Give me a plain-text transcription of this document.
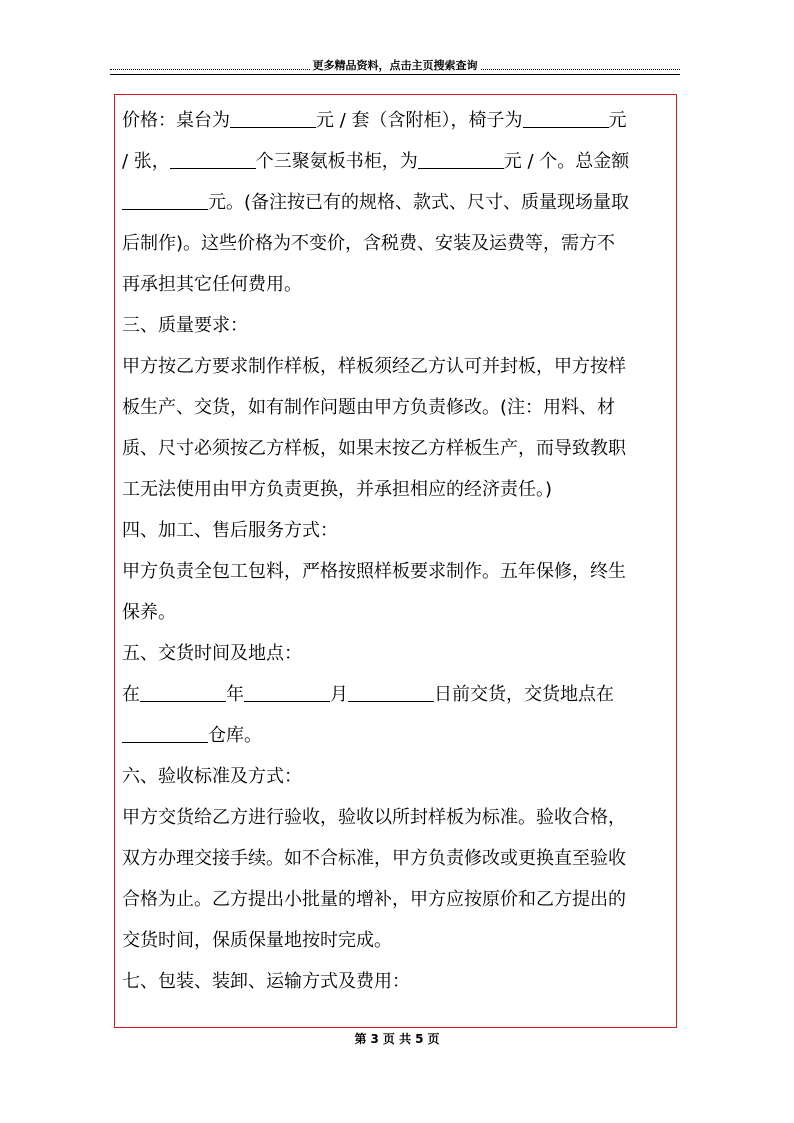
更多精品资料，点击主页搜索查询
价格：桌台为	元 / 套（含附柜），椅子为	元
/ 张，	个三聚氨板书柜，为	元 / 个。总金额
元。(备注按已有的规格、款式、尺寸、质量现场量取
后制作)。这些价格为不变价，含税费、安装及运费等，需方不
再承担其它任何费用。
三、质量要求：
甲方按乙方要求制作样板，样板须经乙方认可并封板，甲方按样
板生产、交货，如有制作问题由甲方负责修改。(注：用料、材
质、尺寸必须按乙方样板，如果末按乙方样板生产，而导致教职
工无法使用由甲方负责更换，并承担相应的经济责任。)
四、加工、售后服务方式：
甲方负责全包工包料，严格按照样板要求制作。五年保修，终生
保养。
五、交货时间及地点：
在	年	月	日前交货，交货地点在
仓库。
六、验收标准及方式：
甲方交货给乙方进行验收，验收以所封样板为标准。验收合格，
双方办理交接手续。如不合标准，甲方负责修改或更换直至验收
合格为止。乙方提出小批量的增补，甲方应按原价和乙方提出的
交货时间，保质保量地按时完成。
七、包装、装卸、运输方式及费用：
第 3 页 共 5 页
